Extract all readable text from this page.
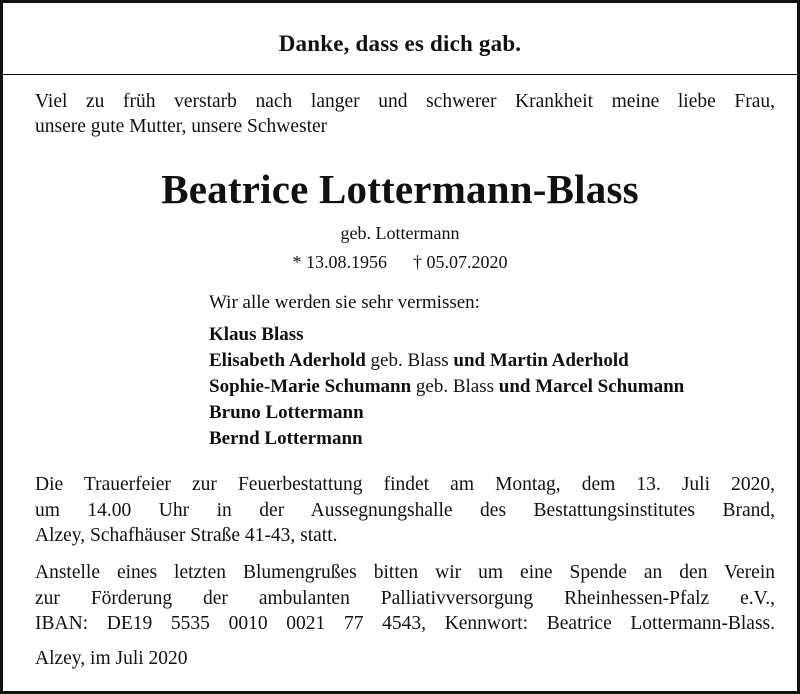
Danke, dass es dich gab.
Viel zu früh verstarb nach langer und schwerer Krankheit meine liebe Frau,
unsere gute Mutter, unsere Schwester
Beatrice Lottermann-Blass
geb. Lottermann
* 13.08.1956 † 05.07.2020
Wir alle werden sie sehr vermissen:
Klaus Blass
Elisabeth Aderhold geb. Blass und Martin Aderhold
Sophie-Marie Schumann geb. Blass und Marcel Schumann
Bruno Lottermann
Bernd Lottermann
Die Trauerfeier zur Feuerbestattung findet am Montag, dem 13. Juli 2020,
um 14.00 Uhr in der Aussegnungshalle des Bestattungsinstitutes Brand,
Alzey, Schafhäuser Straße 41-43, statt.
Anstelle eines letzten Blumengrußes bitten wir um eine Spende an den Verein
zur Förderung der ambulanten Palliativversorgung Rheinhessen-Pfalz e.V.,
IBAN: DE19 5535 0010 0021 77 4543, Kennwort: Beatrice Lottermann-Blass.
Alzey, im Juli 2020
